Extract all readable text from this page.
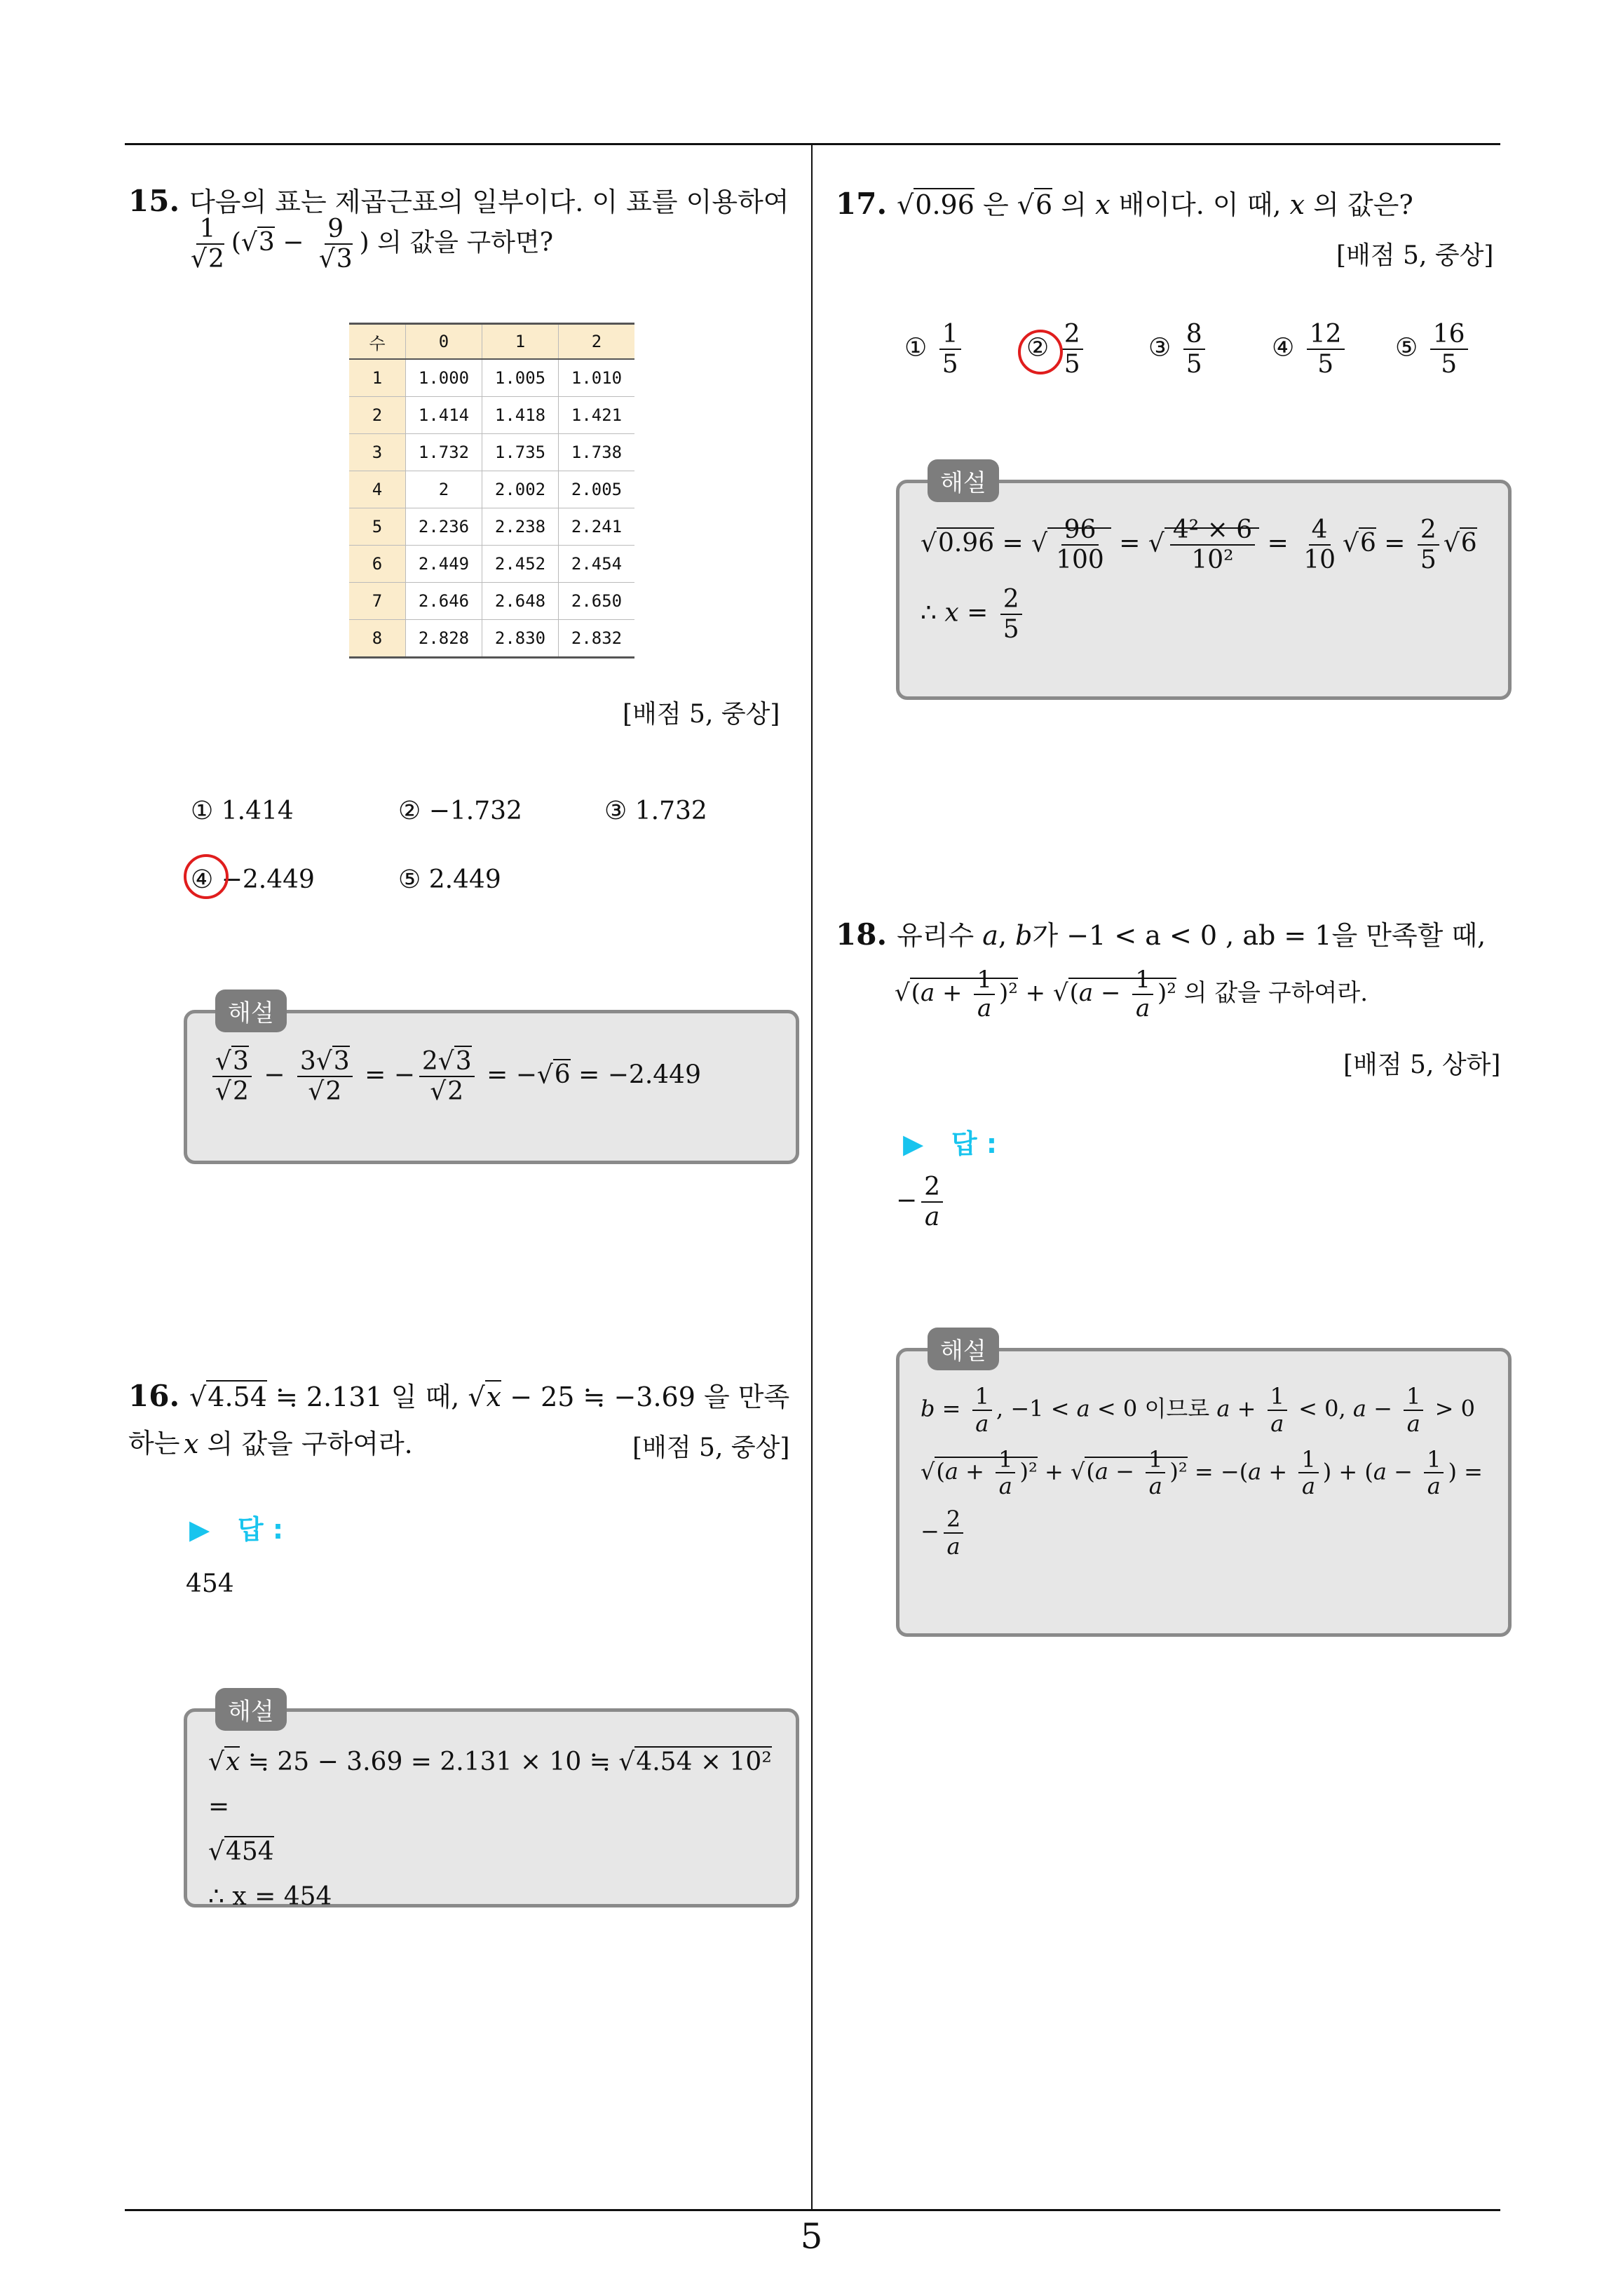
5
15. 다음의 표는 제곱근표의 일부이다. 이 표를 이용하여
$\frac{1}{√2} (√3 - \frac{9}{√3}$ ) 의 값을 구하면?
수	0	1	2
1	1.000	1.005	1.010
2	1.414	1.418	1.421
3	1.732	1.735	1.738
4	2	2.002	2.005
5	2.236	2.238	2.241
6	2.449	2.452	2.454
7	2.646	2.648	2.650
8	2.828	2.830	2.832
[배점 5, 중상]
① 1.414	② −1.732	③ 1.732
④ −2.449	⑤ 2.449
해설
$\frac{√3}{√2} - \frac{3√3}{√2}$ = − $\frac{2√3}{√2} = -√6 = -2.449$
16. √4.54 ≒ 2.131 일 때, √x − 25 ≒ −3.69 을 만족하는 x 의 값을 구하여라.	[배점 5, 중상]
▶   답 :
454
해설
√x ≒ 25 − 3.69 = 2.131 × 10 ≒ √4.54 × 10² =
√454
∴ x = 454
17. √0.96 은 √6 의 x 배이다. 이 때, x 의 값은?
[배점 5, 중상]
① $\frac{1}{5}$	② $\frac{2}{5}$	③ $\frac{8}{5}$	④ $\frac{12}{5}$ ⑤ $\frac{16}{5}$
해설
√0.96 = √ $\frac{96}{100}$ = √ $\frac{\text{4² × 6}}{\text{10²}} = \frac{4}{10} √6 = \frac{2}{5} √6$
∴ $x = \frac{2}{5}$
18. 유리수 a, b가 −1 < a < 0 , ab = 1을 만족할 때,
$√(a + \frac{1}{a} )^2 + √(a - \frac{1}{a} )^2$ 의 값을 구하여라.
[배점 5, 상하]
▶   답 :
− $\frac{2}{a}$
해설
$b = \frac{1}{a}$ , −1 < a < 0 이므로 $a + \frac{1}{a} < 0$, $a - \frac{1}{a} > 0$
$√(a + \frac{1}{a} )^2 + √(a - \frac{1}{a} )^2 = -(a + \frac{1}{a}$ ) + ($a - \frac{1}{a}$ ) =
− $\frac{2}{a}$
